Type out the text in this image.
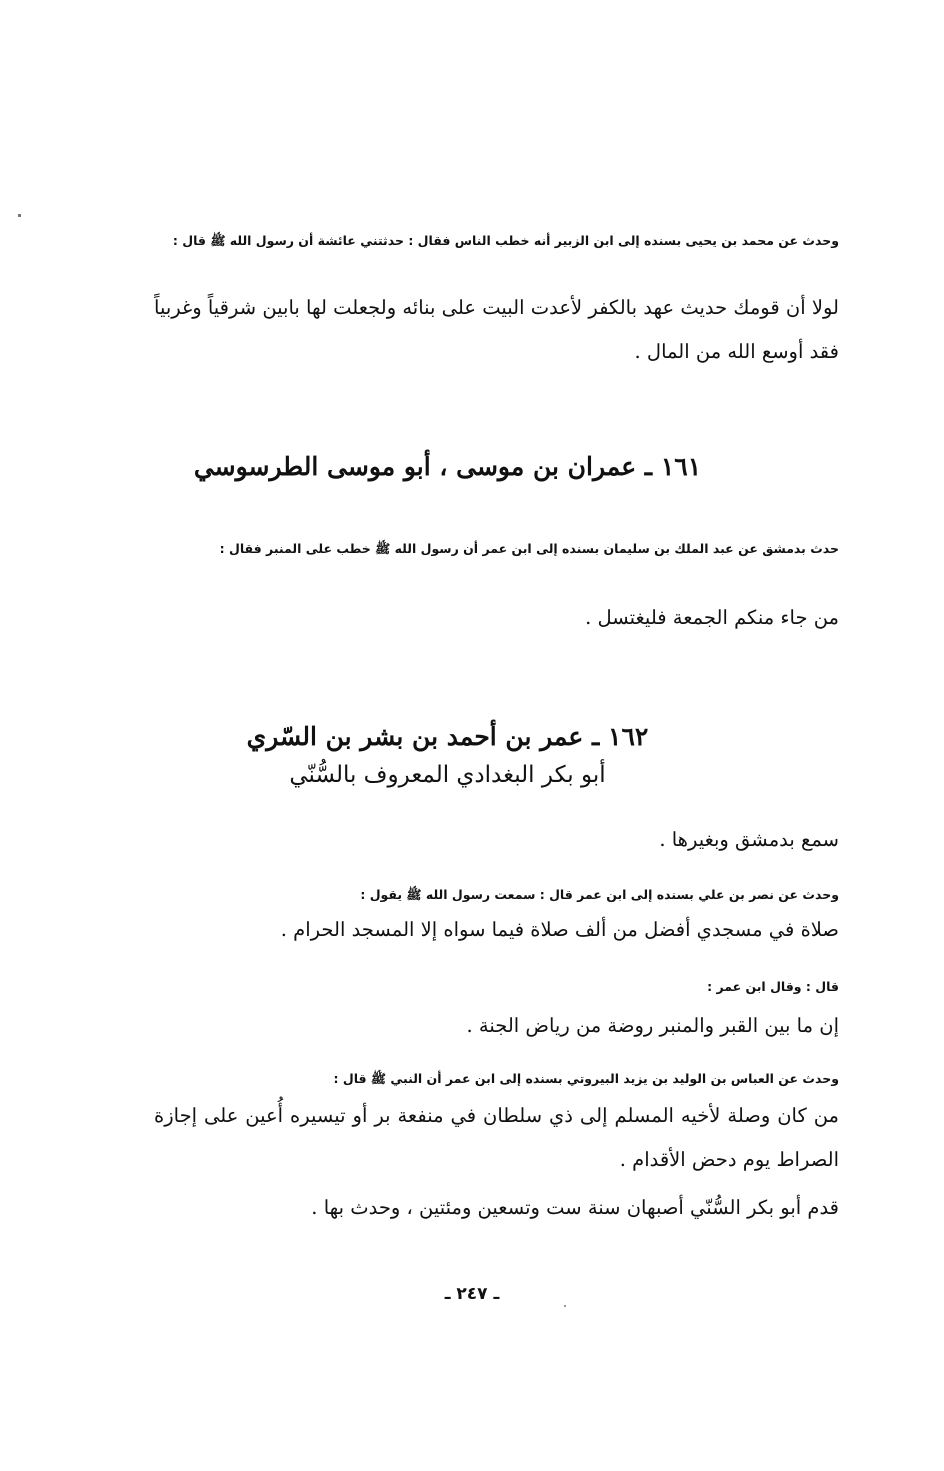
وحدث عن محمد بن يحيى بسنده إلى ابن الزبير أنه خطب الناس فقال : حدثتني عائشة أن رسول الله ﷺ قال :
لولا أن قومك حديث عهد بالكفر لأعدت البيت على بنائه ولجعلت لها بابين شرقياً وغربياً فقد أوسع الله من المال .
١٦١ ـ عمران بن موسى ، أبو موسى الطرسوسي
حدث بدمشق عن عبد الملك بن سليمان بسنده إلى ابن عمر أن رسول الله ﷺ خطب على المنبر فقال :
من جاء منكم الجمعة فليغتسل .
١٦٢ ـ عمر بن أحمد بن بشر بن السّري
أبو بكر البغدادي المعروف بالسُّنّي
سمع بدمشق وبغيرها .
وحدث عن نصر بن علي بسنده إلى ابن عمر قال : سمعت رسول الله ﷺ يقول :
صلاة في مسجدي أفضل من ألف صلاة فيما سواه إلا المسجد الحرام .
قال : وقال ابن عمر :
إن ما بين القبر والمنبر روضة من رياض الجنة .
وحدث عن العباس بن الوليد بن يزيد البيروتي بسنده إلى ابن عمر أن النبي ﷺ قال :
من كان وصلة لأخيه المسلم إلى ذي سلطان في منفعة بر أو تيسيره أُعين على إجازة الصراط يوم دحض الأقدام .
قدم أبو بكر السُّنّي أصبهان سنة ست وتسعين ومئتين ، وحدث بها .
ـ ٢٤٧ ـ
